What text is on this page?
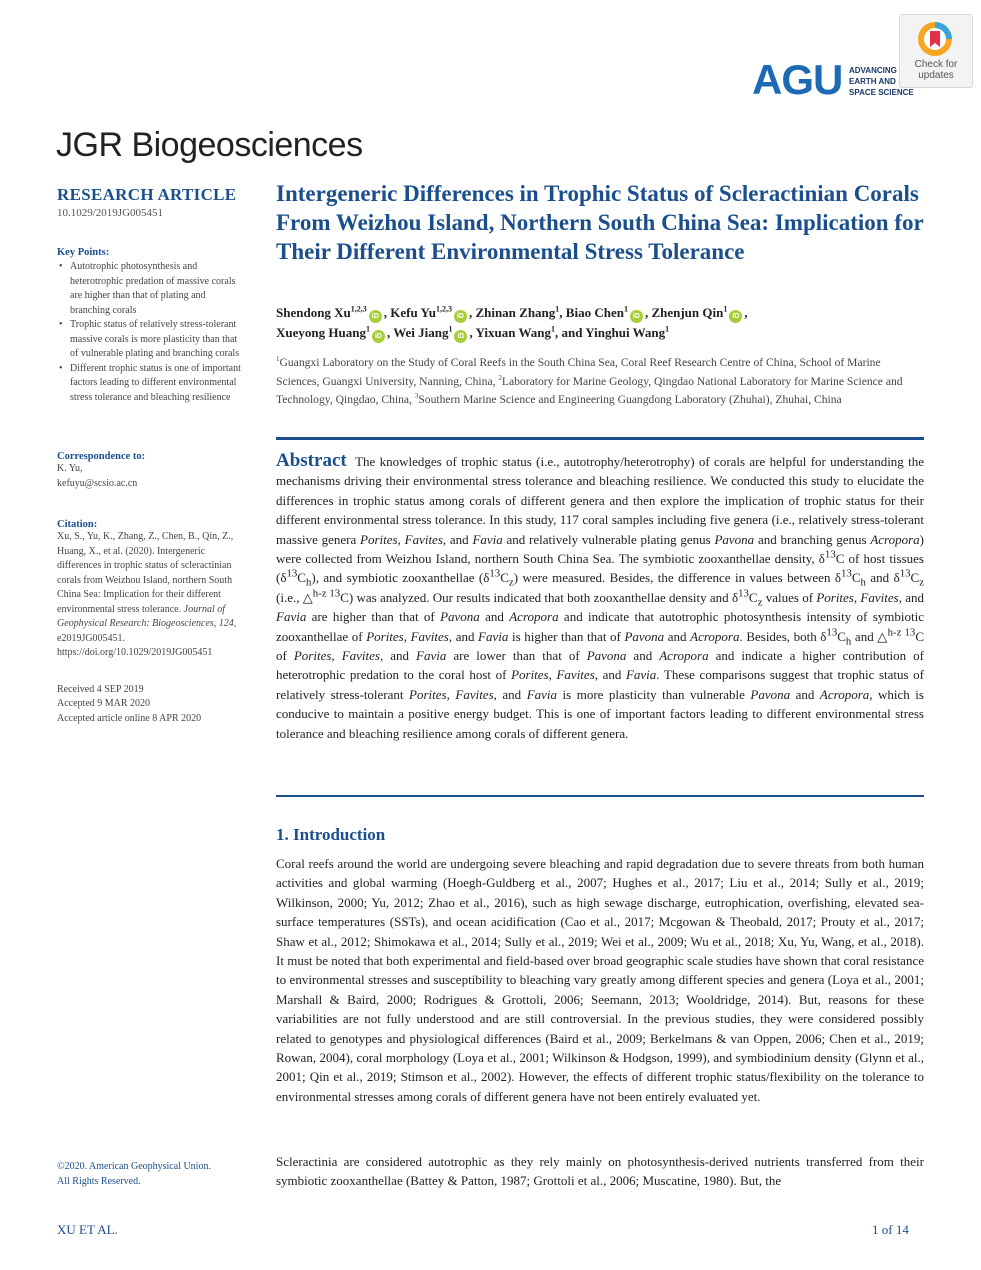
AGU ADVANCING
EARTH AND
SPACE SCIENCE
Check for updates
JGR Biogeosciences
RESEARCH ARTICLE
10.1029/2019JG005451
Key Points:
• Autotrophic photosynthesis and heterotrophic predation of massive corals are higher than that of plating and branching corals
• Trophic status of relatively stress-tolerant massive corals is more plasticity than that of vulnerable plating and branching corals
• Different trophic status is one of important factors leading to different environmental stress tolerance and bleaching resilience
Correspondence to:
K. Yu,
kefuyu@scsio.ac.cn
Citation:
Xu, S., Yu, K., Zhang, Z., Chen, B., Qin, Z., Huang, X., et al. (2020). Intergeneric differences in trophic status of scleractinian corals from Weizhou Island, northern South China Sea: Implication for their different environmental stress tolerance. Journal of Geophysical Research: Biogeosciences, 124, e2019JG005451. https://doi.org/10.1029/2019JG005451
Received 4 SEP 2019
Accepted 9 MAR 2020
Accepted article online 8 APR 2020
©2020. American Geophysical Union.
All Rights Reserved.
Intergeneric Differences in Trophic Status of Scleractinian Corals From Weizhou Island, Northern South China Sea: Implication for Their Different Environmental Stress Tolerance
Shendong Xu$^{1,2,3}$iD , Kefu Yu$^{1,2,3}$iD , Zhinan Zhang$^1$, Biao Chen$^1$iD , Zhenjun Qin$^1$iD ,
Xueyong Huang$^1$iD , Wei Jiang$^1$iD , Yixuan Wang$^1$, and Yinghui Wang$^1$
$^1$Guangxi Laboratory on the Study of Coral Reefs in the South China Sea, Coral Reef Research Centre of China, School of Marine Sciences, Guangxi University, Nanning, China, $^2$Laboratory for Marine Geology, Qingdao National Laboratory for Marine Science and Technology, Qingdao, China, $^3$Southern Marine Science and Engineering Guangdong Laboratory (Zhuhai), Zhuhai, China
Abstract  The knowledges of trophic status (i.e., autotrophy/heterotrophy) of corals are helpful for understanding the mechanisms driving their environmental stress tolerance and bleaching resilience. We conducted this study to elucidate the differences in trophic status among corals of different genera and then explore the implication of trophic status for their different environmental stress tolerance. In this study, 117 coral samples including five genera (i.e., relatively stress-tolerant massive genera Porites, Favites, and Favia and relatively vulnerable plating genus Pavona and branching genus Acropora) were collected from Weizhou Island, northern South China Sea. The symbiotic zooxanthellae density, $\delta^{13}C$ of host tissues $(\delta^{13}C_h)$, and symbiotic zooxanthellae $(\delta^{13}C_z)$ were measured. Besides, the difference in values between $\delta^{13}C_h$ and $\delta^{13}C_z$ (i.e., △$^{h-z 13}$C) was analyzed. Our results indicated that both zooxanthellae density and $\delta^{13}C_z$ values of Porites, Favites, and Favia are higher than that of Pavona and Acropora and indicate that autotrophic photosynthesis intensity of symbiotic zooxanthellae of Porites, Favites, and Favia is higher than that of Pavona and Acropora. Besides, both $\delta^{13}C_h$ and △$^{h-z 13}$C of Porites, Favites, and Favia are lower than that of Pavona and Acropora and indicate a higher contribution of heterotrophic predation to the coral host of Porites, Favites, and Favia. These comparisons suggest that trophic status of relatively stress-tolerant Porites, Favites, and Favia is more plasticity than vulnerable Pavona and Acropora, which is conducive to maintain a positive energy budget. This is one of important factors leading to different environmental stress tolerance and bleaching resilience among corals of different genera.
1. Introduction
Coral reefs around the world are undergoing severe bleaching and rapid degradation due to severe threats from both human activities and global warming (Hoegh-Guldberg et al., 2007; Hughes et al., 2017; Liu et al., 2014; Sully et al., 2019; Wilkinson, 2000; Yu, 2012; Zhao et al., 2016), such as high sewage discharge, eutrophication, overfishing, elevated sea-surface temperatures (SSTs), and ocean acidification (Cao et al., 2017; Mcgowan & Theobald, 2017; Prouty et al., 2017; Shaw et al., 2012; Shimokawa et al., 2014; Sully et al., 2019; Wei et al., 2009; Wu et al., 2018; Xu, Yu, Wang, et al., 2018). It must be noted that both experimental and field-based over broad geographic scale studies have shown that coral resistance to environmental stresses and susceptibility to bleaching vary greatly among different species and genera (Loya et al., 2001; Marshall & Baird, 2000; Rodrigues & Grottoli, 2006; Seemann, 2013; Wooldridge, 2014). But, reasons for these variabilities are not fully understood and are still controversial. In the previous studies, they were considered possibly related to genotypes and physiological differences (Baird et al., 2009; Berkelmans & van Oppen, 2006; Chen et al., 2019; Rowan, 2004), coral morphology (Loya et al., 2001; Wilkinson & Hodgson, 1999), and symbiodinium density (Glynn et al., 2001; Qin et al., 2019; Stimson et al., 2002). However, the effects of different trophic status/flexibility on the tolerance to environmental stresses among corals of different genera have not been entirely evaluated yet.
Scleractinia are considered autotrophic as they rely mainly on photosynthesis-derived nutrients transferred from their symbiotic zooxanthellae (Battey & Patton, 1987; Grottoli et al., 2006; Muscatine, 1980). But, the
XU ET AL.	1 of 14
